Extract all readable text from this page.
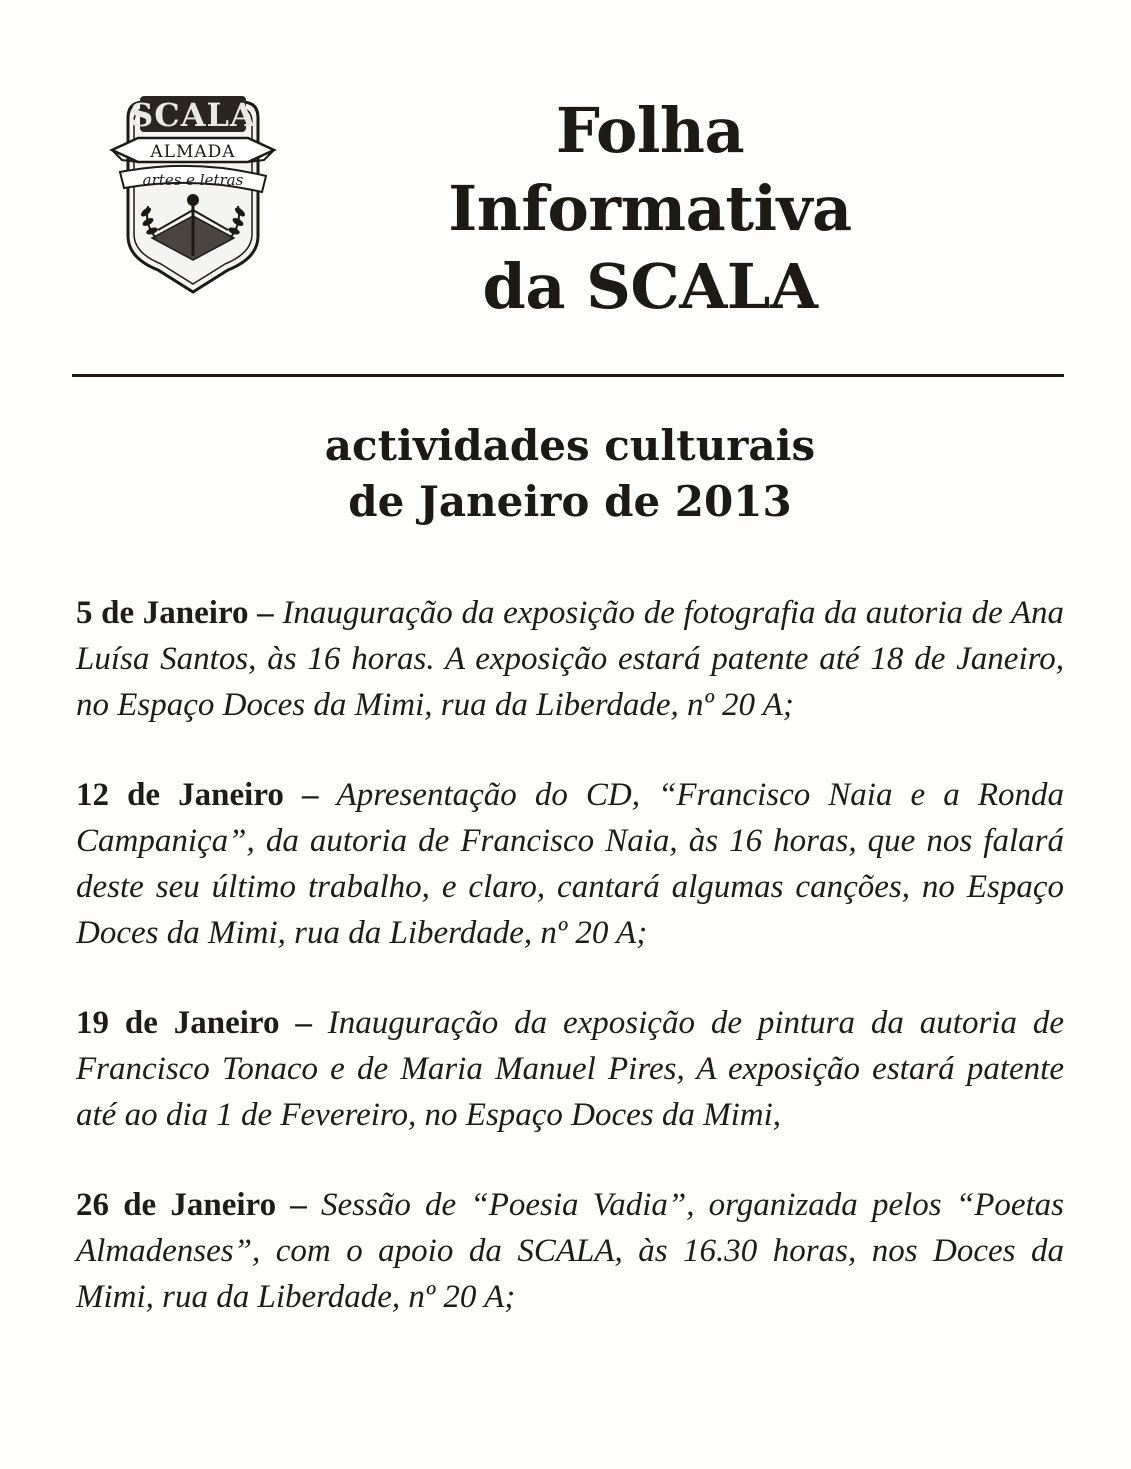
SCALA
ALMADA
artes e letras
Folha
Informativa
da SCALA
actividades culturais
de Janeiro de 2013

5 de Janeiro – Inauguração da exposição de fotografia da autoria de Ana Luísa Santos, às 16 horas. A exposição estará patente até 18 de Janeiro, no Espaço Doces da Mimi, rua da Liberdade, nº 20 A;

12 de Janeiro – Apresentação do CD, “Francisco Naia e a Ronda Campaniça”, da autoria de Francisco Naia, às 16 horas, que nos falará deste seu último trabalho, e claro, cantará algumas canções, no Espaço Doces da Mimi, rua da Liberdade, nº 20 A;

19 de Janeiro – Inauguração da exposição de pintura da autoria de Francisco Tonaco e de Maria Manuel Pires, A exposição estará patente até ao dia 1 de Fevereiro, no Espaço Doces da Mimi,

26 de Janeiro – Sessão de “Poesia Vadia”, organizada pelos “Poetas Almadenses”, com o apoio da SCALA, às 16.30 horas, nos Doces da Mimi, rua da Liberdade, nº 20 A;
